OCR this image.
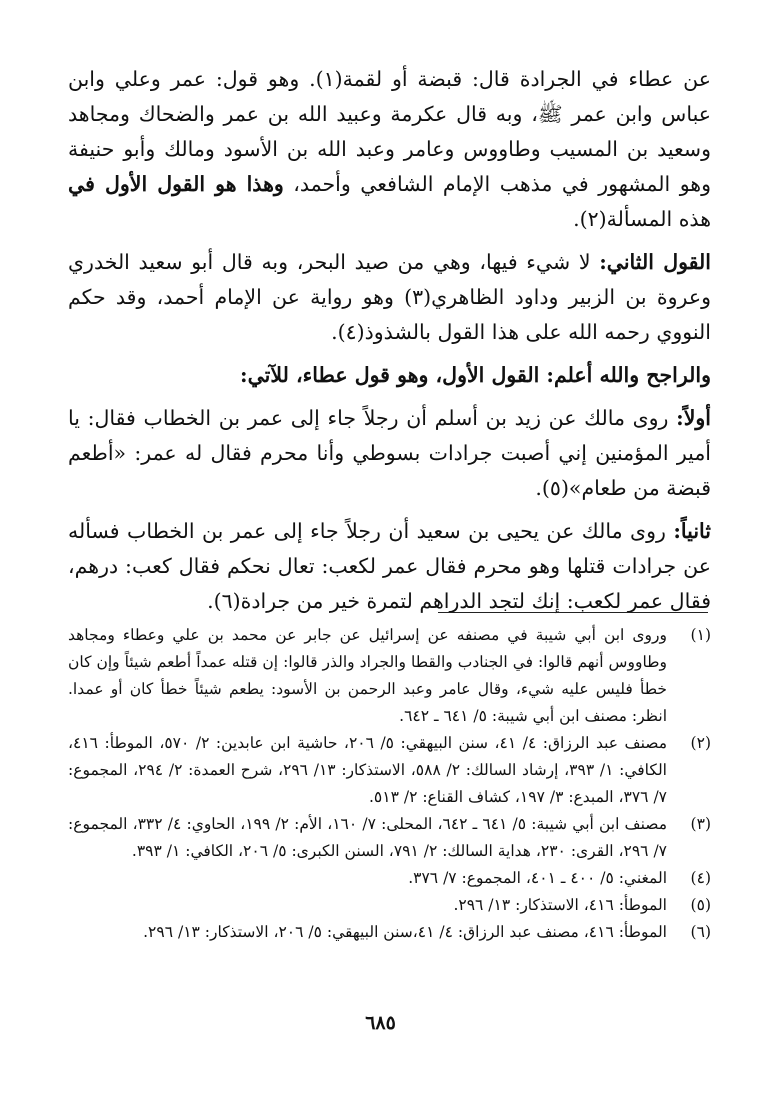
عن عطاء في الجرادة قال: قبضة أو لقمة(١). وهو قول: عمر وعلي وابن عباس وابن عمر ﷺ، وبه قال عكرمة وعبيد الله بن عمر والضحاك ومجاهد وسعيد بن المسيب وطاووس وعامر وعبد الله بن الأسود ومالك وأبو حنيفة وهو المشهور في مذهب الإمام الشافعي وأحمد، وهذا هو القول الأول في هذه المسألة(٢).

القول الثاني: لا شيء فيها، وهي من صيد البحر، وبه قال أبو سعيد الخدري وعروة بن الزبير وداود الظاهري(٣) وهو رواية عن الإمام أحمد، وقد حكم النووي رحمه الله على هذا القول بالشذوذ(٤).

والراجح والله أعلم: القول الأول، وهو قول عطاء، للآتي:

أولاً: روى مالك عن زيد بن أسلم أن رجلاً جاء إلى عمر بن الخطاب فقال: يا أمير المؤمنين إني أصبت جرادات بسوطي وأنا محرم فقال له عمر: «أطعم قبضة من طعام»(٥).

ثانياً: روى مالك عن يحيى بن سعيد أن رجلاً جاء إلى عمر بن الخطاب فسأله عن جرادات قتلها وهو محرم فقال عمر لكعب: تعال نحكم فقال كعب: درهم، فقال عمر لكعب: إنك لتجد الدراهم لتمرة خير من جرادة(٦).

(١)
وروى ابن أبي شيبة في مصنفه عن إسرائيل عن جابر عن محمد بن علي وعطاء ومجاهد وطاووس أنهم قالوا: في الجنادب والقطا والجراد والذر قالوا: إن قتله عمداً أطعم شيئاً وإن كان خطأ فليس عليه شيء، وقال عامر وعبد الرحمن بن الأسود: يطعم شيئاً خطأ كان أو عمدا. انظر: مصنف ابن أبي شيبة: ٥/ ٦٤١ ـ ٦٤٢.
(٢)
مصنف عبد الرزاق: ٤/ ٤١، سنن البيهقي: ٥/ ٢٠٦، حاشية ابن عابدين: ٢/ ٥٧٠، الموطأ: ٤١٦، الكافي: ١/ ٣٩٣، إرشاد السالك: ٢/ ٥٨٨، الاستذكار: ١٣/ ٢٩٦، شرح العمدة: ٢/ ٢٩٤، المجموع: ٧/ ٣٧٦، المبدع: ٣/ ١٩٧، كشاف القناع: ٢/ ٥١٣.
(٣)
مصنف ابن أبي شيبة: ٥/ ٦٤١ ـ ٦٤٢، المحلى: ٧/ ١٦٠، الأم: ٢/ ١٩٩، الحاوي: ٤/ ٣٣٢، المجموع: ٧/ ٢٩٦، القرى: ٢٣٠، هداية السالك: ٢/ ٧٩١، السنن الكبرى: ٥/ ٢٠٦، الكافي: ١/ ٣٩٣.
(٤)
المغني: ٥/ ٤٠٠ ـ ٤٠١، المجموع: ٧/ ٣٧٦.
(٥)
الموطأ: ٤١٦، الاستذكار: ١٣/ ٢٩٦.
(٦)
الموطأ: ٤١٦، مصنف عبد الرزاق: ٤/ ٤١،سنن البيهقي: ٥/ ٢٠٦، الاستذكار: ١٣/ ٢٩٦.
٦٨٥
